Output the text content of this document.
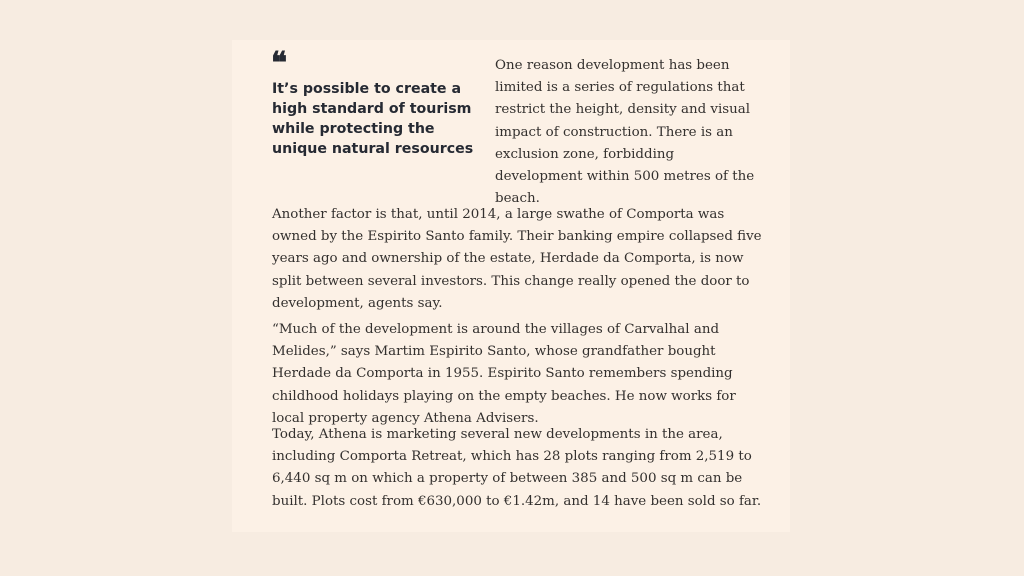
❝

It’s possible to create a high standard of tourism while protecting the unique natural resources

One reason development has been limited is a series of regulations that restrict the height, density and visual impact of construction. There is an exclusion zone, forbidding development within 500 metres of the beach.

Another factor is that, until 2014, a large swathe of Comporta was owned by the Espirito Santo family. Their banking empire collapsed five years ago and ownership of the estate, Herdade da Comporta, is now split between several investors. This change really opened the door to development, agents say.

“Much of the development is around the villages of Carvalhal and Melides,” says Martim Espirito Santo, whose grandfather bought Herdade da Comporta in 1955. Espirito Santo remembers spending childhood holidays playing on the empty beaches. He now works for local property agency Athena Advisers.

Today, Athena is marketing several new developments in the area, including Comporta Retreat, which has 28 plots ranging from 2,519 to 6,440 sq m on which a property of between 385 and 500 sq m can be built. Plots cost from €630,000 to €1.42m, and 14 have been sold so far.
